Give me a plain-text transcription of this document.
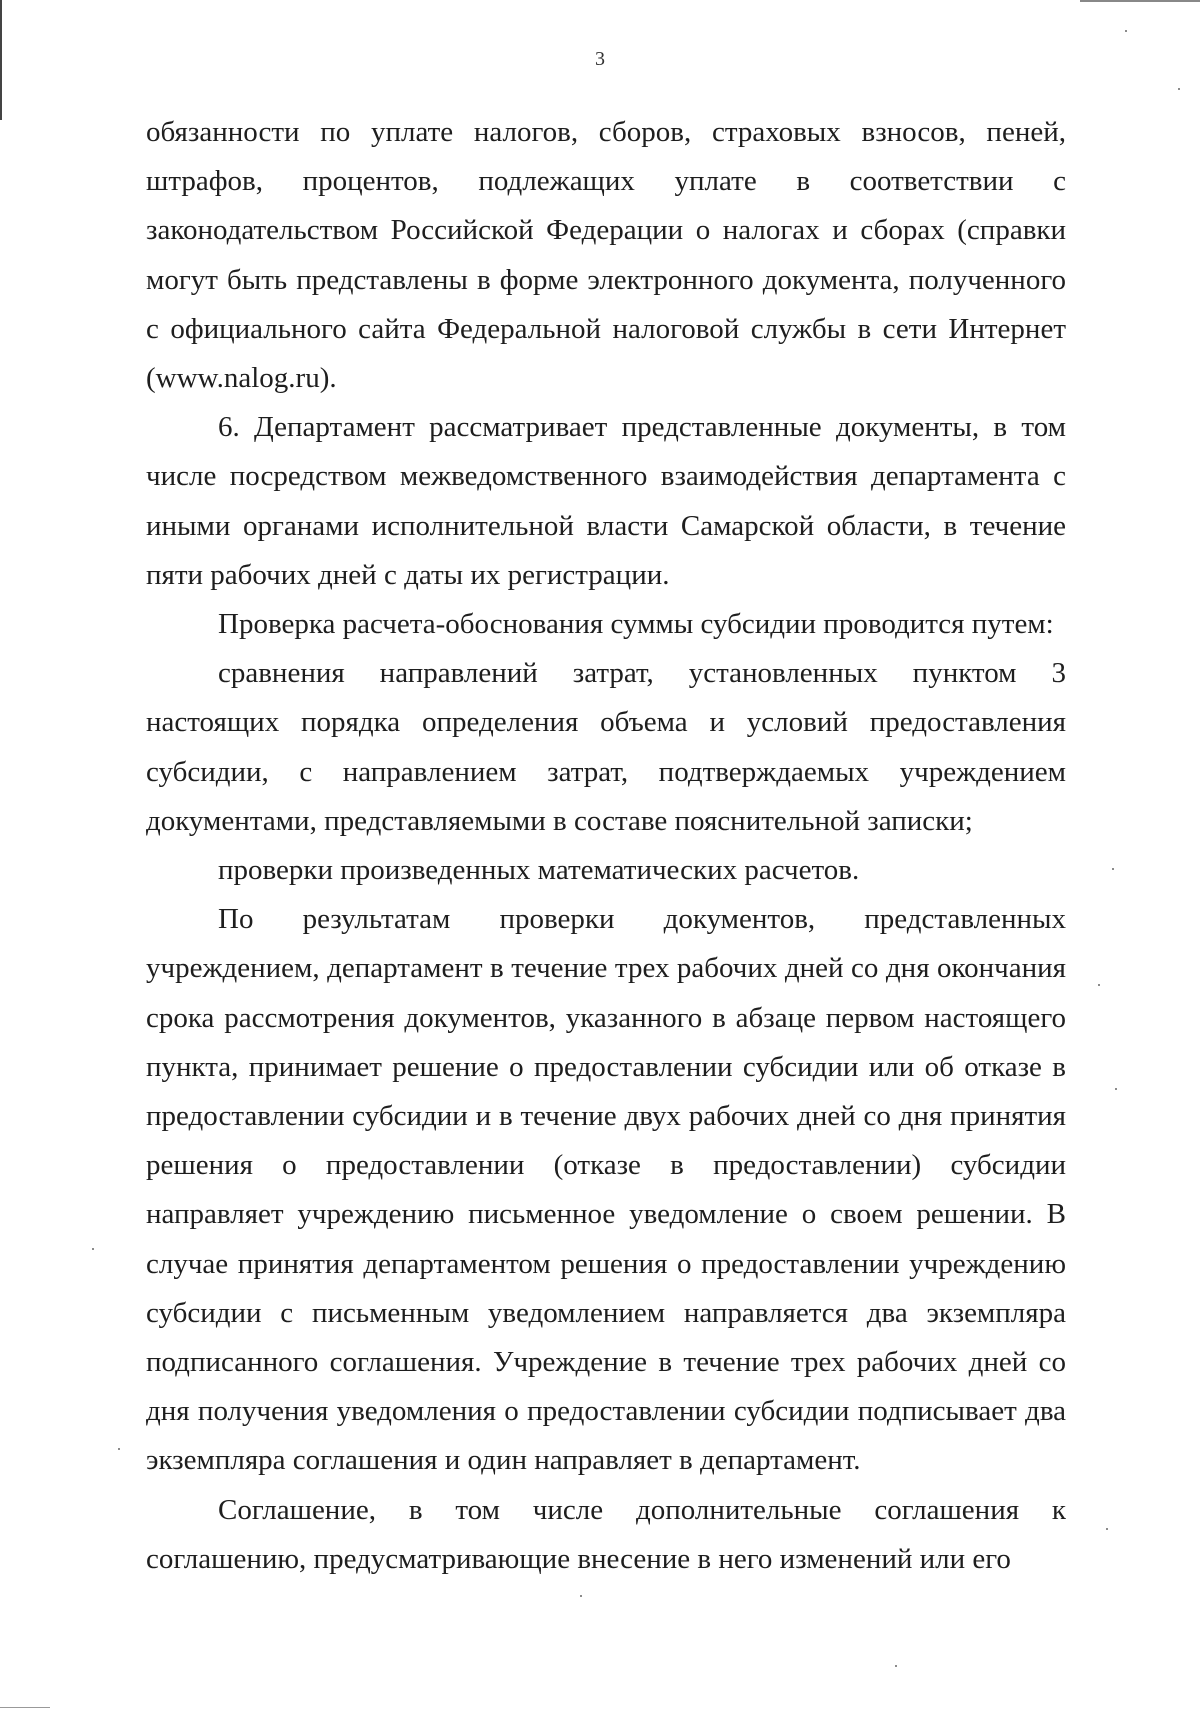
3

обязанности по уплате налогов, сборов, страховых взносов, пеней, штрафов, процентов, подлежащих уплате в соответствии с законодательством Российской Федерации о налогах и сборах (справки могут быть представлены в форме электронного документа, полученного с официального сайта Федеральной налоговой службы в сети Интернет (www.nalog.ru).

6. Департамент рассматривает представленные документы, в том числе посредством межведомственного взаимодействия департамента с иными органами исполнительной власти Самарской области, в течение пяти рабочих дней с даты их регистрации.

Проверка расчета-обоснования суммы субсидии проводится путем:

сравнения направлений затрат, установленных пунктом 3 настоящих порядка определения объема и условий предоставления субсидии, с направлением затрат, подтверждаемых учреждением документами, представляемыми в составе пояснительной записки;

проверки произведенных математических расчетов.

По результатам проверки документов, представленных учреждением, департамент в течение трех рабочих дней со дня окончания срока рассмотрения документов, указанного в абзаце первом настоящего пункта, принимает решение о предоставлении субсидии или об отказе в предоставлении субсидии и в течение двух рабочих дней со дня принятия решения о предоставлении (отказе в предоставлении) субсидии направляет учреждению письменное уведомление о своем решении. В случае принятия департаментом решения о предоставлении учреждению субсидии с письменным уведомлением направляется два экземпляра подписанного соглашения. Учреждение в течение трех рабочих дней со дня получения уведомления о предоставлении субсидии подписывает два экземпляра соглашения и один направляет в департамент.

Соглашение, в том числе дополнительные соглашения к соглашению, предусматривающие внесение в него изменений или его
